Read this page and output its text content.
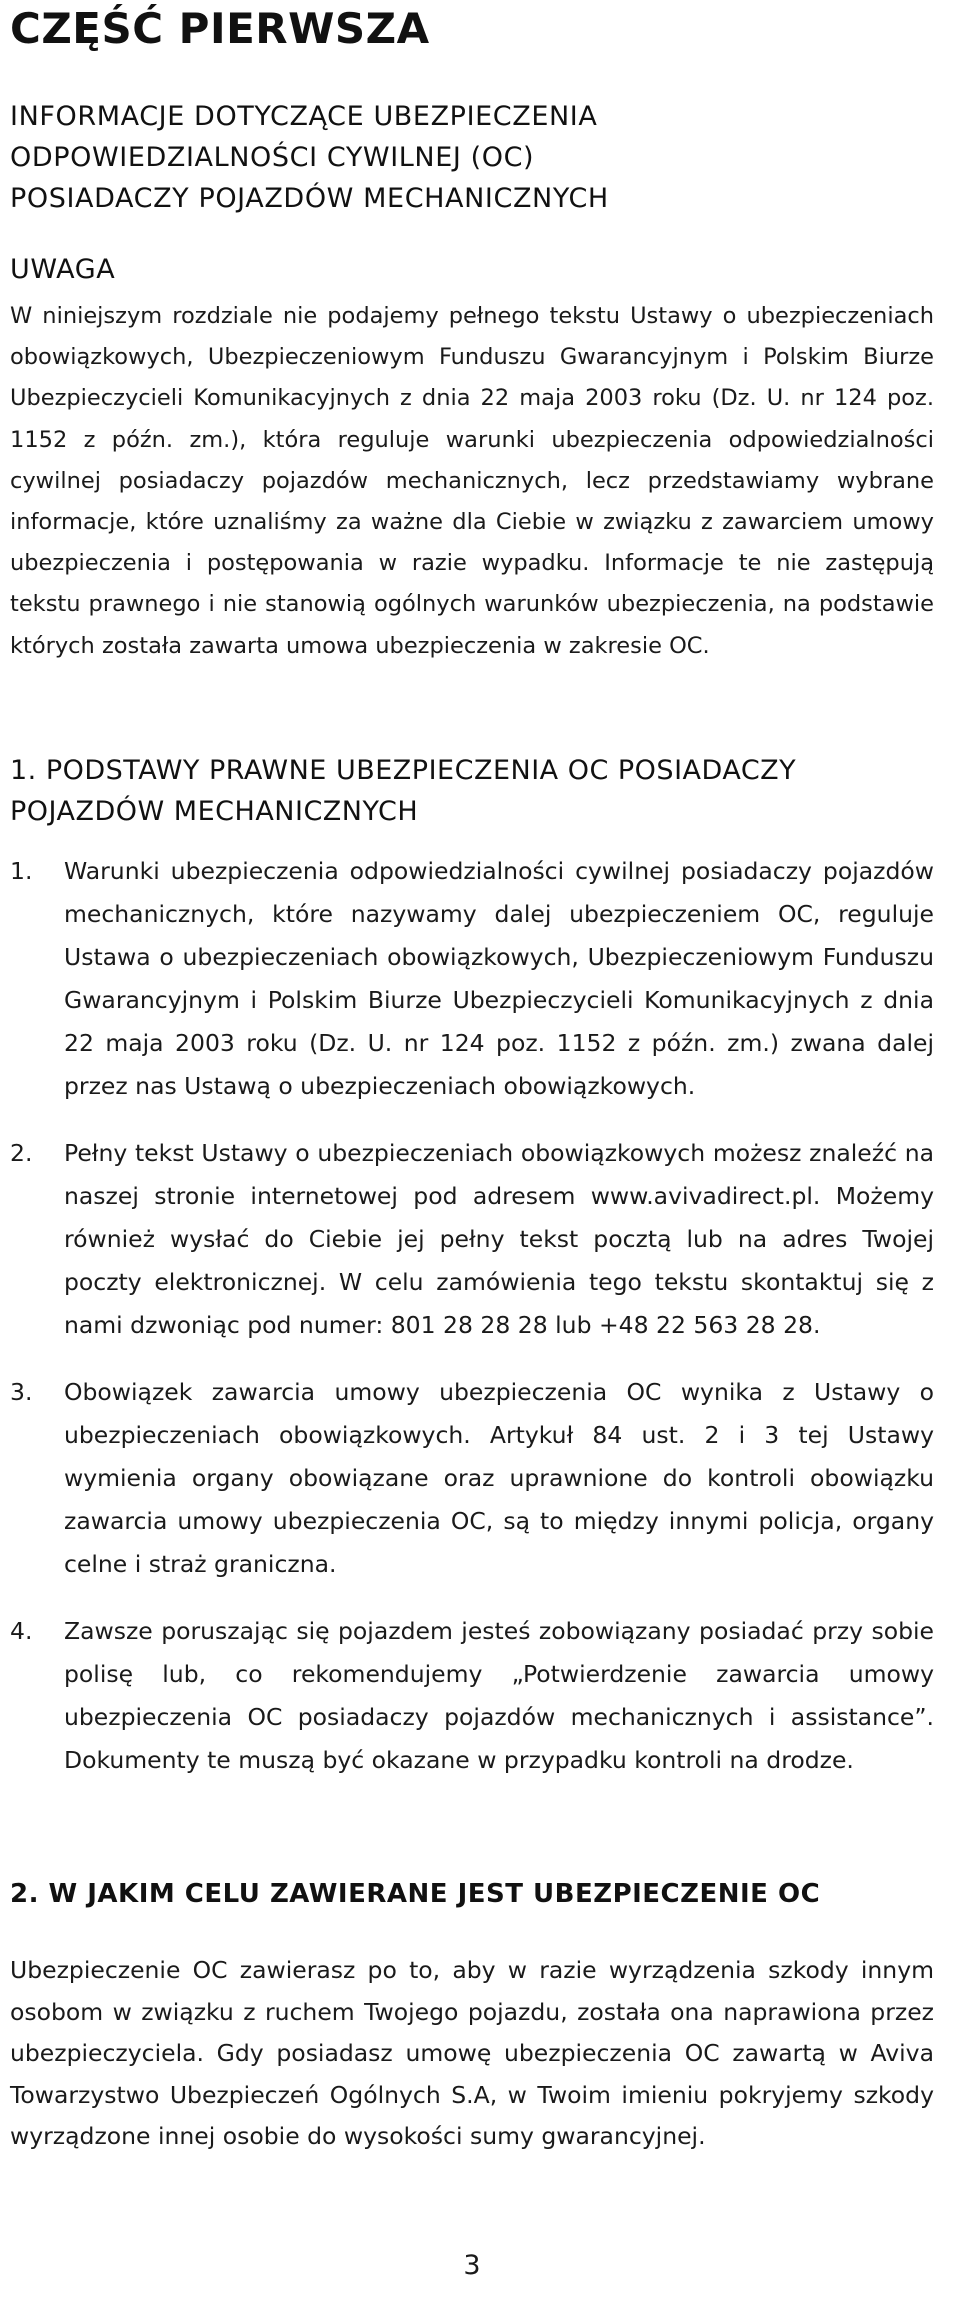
CZĘŚĆ PIERWSZA
INFORMACJE DOTYCZĄCE UBEZPIECZENIA
ODPOWIEDZIALNOŚCI CYWILNEJ (OC)
POSIADACZY POJAZDÓW MECHANICZNYCH
UWAGA

W niniejszym rozdziale nie podajemy pełnego tekstu Ustawy o ubezpieczeniach obowiązkowych, Ubezpieczeniowym Funduszu Gwarancyjnym i Polskim Biurze Ubezpieczycieli Komunikacyjnych z dnia 22 maja 2003 roku (Dz. U. nr 124 poz. 1152 z późn. zm.), która reguluje warunki ubezpieczenia odpowiedzialności cywilnej posiadaczy pojazdów mechanicznych, lecz przedstawiamy wybrane informacje, które uznaliśmy za ważne dla Ciebie w związku z zawarciem umowy ubezpieczenia i postępowania w razie wypadku. Informacje te nie zastępują tekstu prawnego i nie stanowią ogólnych warunków ubezpieczenia, na podstawie których została zawarta umowa ubezpieczenia w zakresie OC.

1. PODSTAWY PRAWNE UBEZPIECZENIA OC POSIADACZY POJAZDÓW MECHANICZNYCH

1. Warunki ubezpieczenia odpowiedzialności cywilnej posiadaczy pojazdów mechanicznych, które nazywamy dalej ubezpieczeniem OC, reguluje Ustawa o ubezpieczeniach obowiązkowych, Ubezpieczeniowym Funduszu Gwarancyjnym i Polskim Biurze Ubezpieczycieli Komunikacyjnych z dnia 22 maja 2003 roku (Dz. U. nr 124 poz. 1152 z późn. zm.) zwana dalej przez nas Ustawą o ubezpieczeniach obowiązkowych.

2. Pełny tekst Ustawy o ubezpieczeniach obowiązkowych możesz znaleźć na naszej stronie internetowej pod adresem www.avivadirect.pl. Możemy również wysłać do Ciebie jej pełny tekst pocztą lub na adres Twojej poczty elektronicznej. W celu zamówienia tego tekstu skontaktuj się z nami dzwoniąc pod numer: 801 28 28 28 lub +48 22 563 28 28.

3. Obowiązek zawarcia umowy ubezpieczenia OC wynika z Ustawy o ubezpieczeniach obowiązkowych. Artykuł 84 ust. 2 i 3 tej Ustawy wymienia organy obowiązane oraz uprawnione do kontroli obowiązku zawarcia umowy ubezpieczenia OC, są to między innymi policja, organy celne i straż graniczna.

4. Zawsze poruszając się pojazdem jesteś zobowiązany posiadać przy sobie polisę lub, co rekomendujemy „Potwierdzenie zawarcia umowy ubezpieczenia OC posiadaczy pojazdów mechanicznych i assistance”. Dokumenty te muszą być okazane w przypadku kontroli na drodze.

2. W JAKIM CELU ZAWIERANE JEST UBEZPIECZENIE OC

Ubezpieczenie OC zawierasz po to, aby w razie wyrządzenia szkody innym osobom w związku z ruchem Twojego pojazdu, została ona naprawiona przez ubezpieczyciela. Gdy posiadasz umowę ubezpieczenia OC zawartą w Aviva Towarzystwo Ubezpieczeń Ogólnych S.A, w Twoim imieniu pokryjemy szkody wyrządzone innej osobie do wysokości sumy gwarancyjnej.

3
